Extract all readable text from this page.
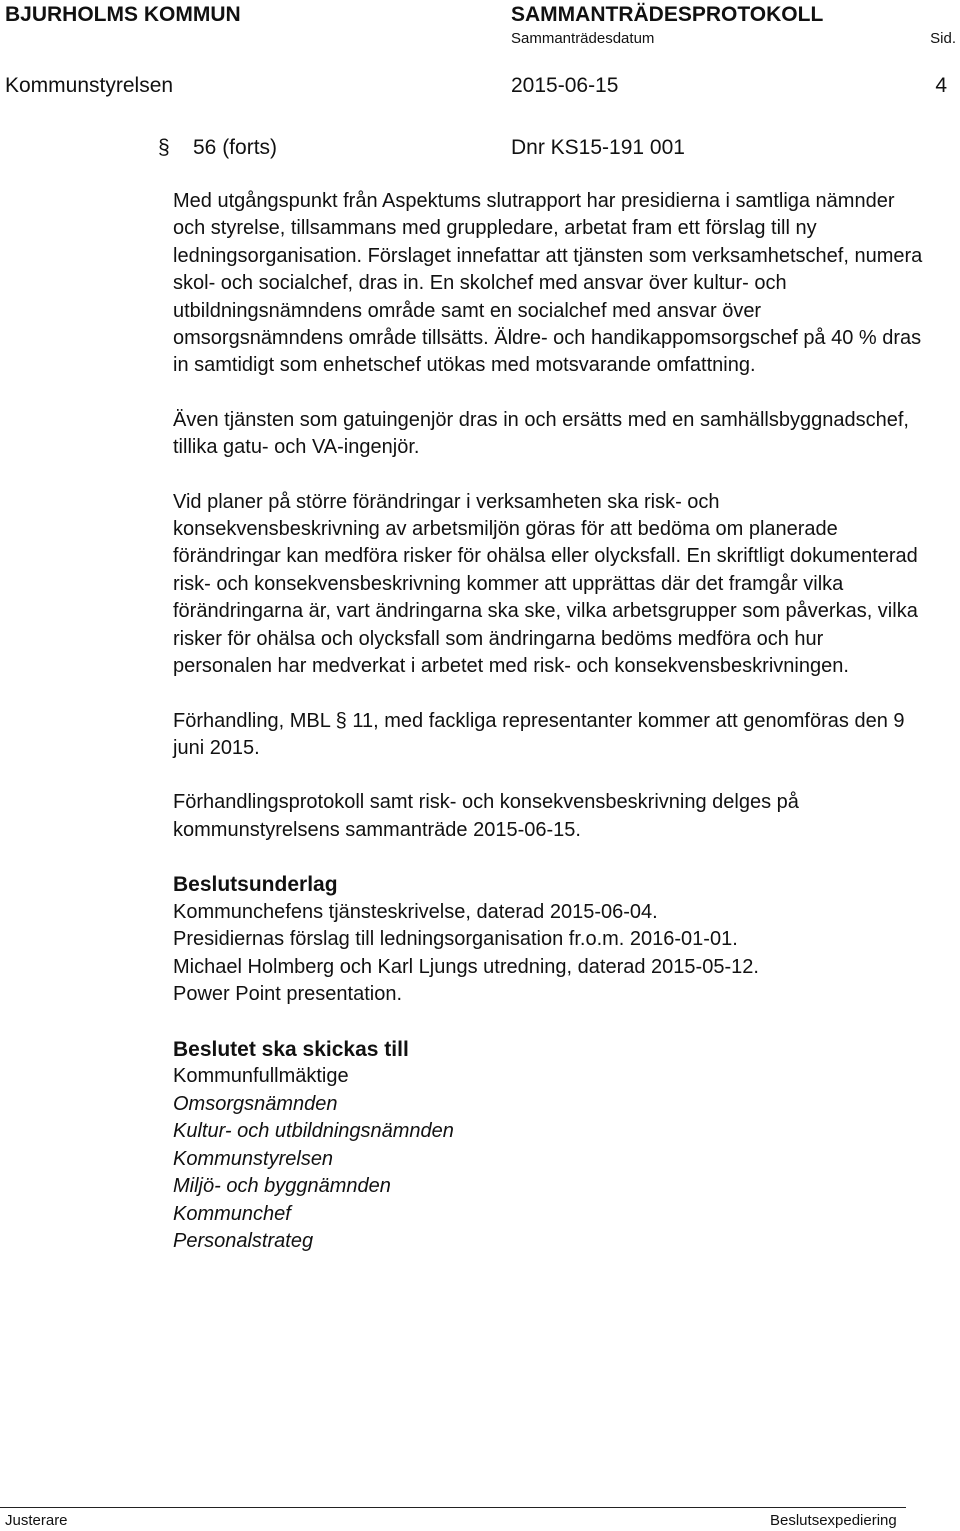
BJURHOLMS KOMMUN	SAMMANTRÄDESPROTOKOLL
Sammanträdesdatum	Sid.
Kommunstyrelsen	2015-06-15	4
§ 56 (forts)	Dnr KS15-191 001

Med utgångspunkt från Aspektums slutrapport har presidierna i samtliga nämnder och styrelse, tillsammans med gruppledare, arbetat fram ett förslag till ny ledningsorganisation. Förslaget innefattar att tjänsten som verksamhetschef, numera skol- och socialchef, dras in. En skolchef med ansvar över kultur- och utbildningsnämndens område samt en socialchef med ansvar över omsorgsnämndens område tillsätts. Äldre- och handikappomsorgschef på 40 % dras in samtidigt som enhetschef utökas med motsvarande omfattning.

Även tjänsten som gatuingenjör dras in och ersätts med en samhällsbyggnadschef, tillika gatu- och VA-ingenjör.

Vid planer på större förändringar i verksamheten ska risk- och konsekvensbeskrivning av arbetsmiljön göras för att bedöma om planerade förändringar kan medföra risker för ohälsa eller olycksfall. En skriftligt dokumenterad risk- och konsekvensbeskrivning kommer att upprättas där det framgår vilka förändringarna är, vart ändringarna ska ske, vilka arbetsgrupper som påverkas, vilka risker för ohälsa och olycksfall som ändringarna bedöms medföra och hur personalen har medverkat i arbetet med risk- och konsekvensbeskrivningen.

Förhandling, MBL § 11, med fackliga representanter kommer att genomföras den 9 juni 2015.

Förhandlingsprotokoll samt risk- och konsekvensbeskrivning delges på kommunstyrelsens sammanträde 2015-06-15.

Beslutsunderlag
Kommunchefens tjänsteskrivelse, daterad 2015-06-04.
Presidiernas förslag till ledningsorganisation fr.o.m. 2016-01-01.
Michael Holmberg och Karl Ljungs utredning, daterad 2015-05-12.
Power Point presentation.
Beslutet ska skickas till
Kommunfullmäktige
Omsorgsnämnden
Kultur- och utbildningsnämnden
Kommunstyrelsen
Miljö- och byggnämnden
Kommunchef
Personalstrateg
Justerare	Beslutsexpediering
